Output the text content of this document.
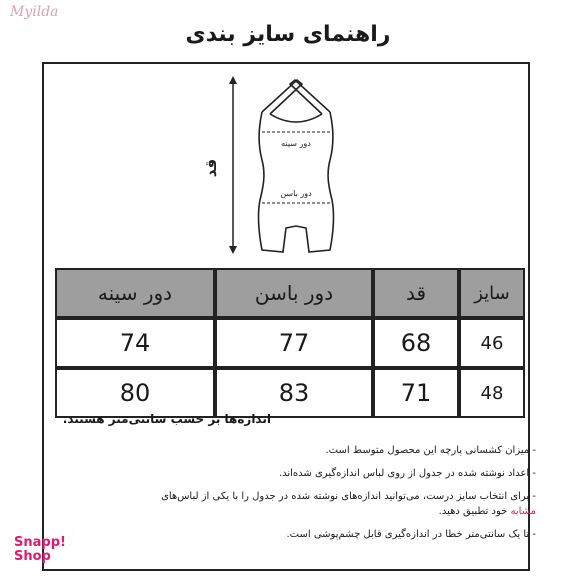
Myilda
راهنمای سایز بندی
قد
دور سینه
دور باسن
سایز	قد	دور باسن	دور سینه
46	68	77	74
48	71	83	80
اندازه‌ها بر حسب سانتی‌متر هستند.
- میزان کشسانی پارچه این محصول متوسط است.
- اعداد نوشته شده در جدول از روی لباس اندازه‌گیری شده‌اند.
- برای انتخاب سایز درست، می‌توانید اندازه‌های نوشته شده در جدول را با یکی از لباس‌های
مشابه خود تطبیق دهید.
- تا یک سانتی‌متر خطا در اندازه‌گیری قابل چشم‌پوشی است.
Snapp!
Shop
